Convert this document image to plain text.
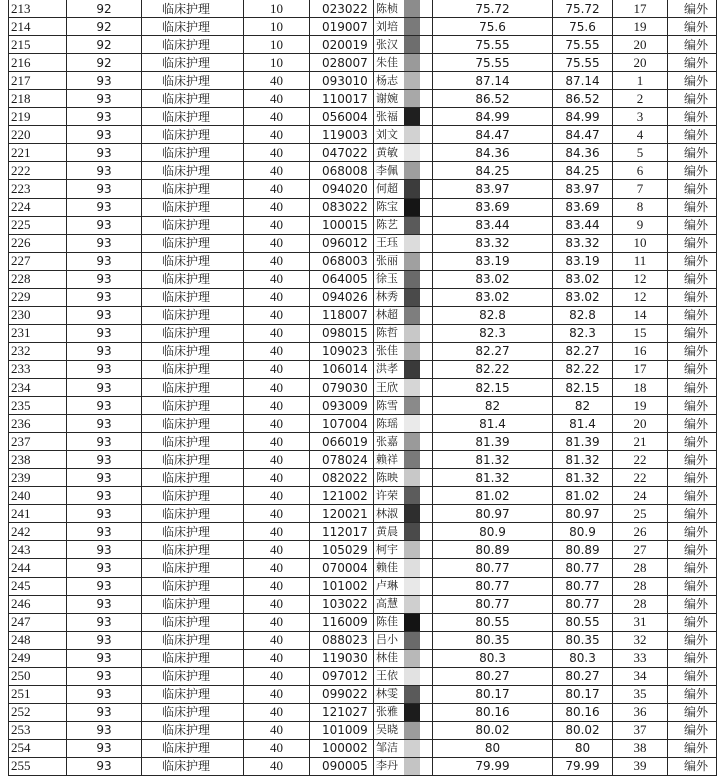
213	92	临床护理	10	023022	陈桢	75.72	75.72	17	编外
214	92	临床护理	10	019007	刘培	75.6	75.6	19	编外
215	92	临床护理	10	020019	张汉	75.55	75.55	20	编外
216	92	临床护理	10	028007	朱佳	75.55	75.55	20	编外
217	93	临床护理	40	093010	杨志	87.14	87.14	1	编外
218	93	临床护理	40	110017	谢婉	86.52	86.52	2	编外
219	93	临床护理	40	056004	张福	84.99	84.99	3	编外
220	93	临床护理	40	119003	刘文	84.47	84.47	4	编外
221	93	临床护理	40	047022	黄敏	84.36	84.36	5	编外
222	93	临床护理	40	068008	李佩	84.25	84.25	6	编外
223	93	临床护理	40	094020	何超	83.97	83.97	7	编外
224	93	临床护理	40	083022	陈宝	83.69	83.69	8	编外
225	93	临床护理	40	100015	陈艺	83.44	83.44	9	编外
226	93	临床护理	40	096012	王珏	83.32	83.32	10	编外
227	93	临床护理	40	068003	张丽	83.19	83.19	11	编外
228	93	临床护理	40	064005	徐玉	83.02	83.02	12	编外
229	93	临床护理	40	094026	林秀	83.02	83.02	12	编外
230	93	临床护理	40	118007	林超	82.8	82.8	14	编外
231	93	临床护理	40	098015	陈哲	82.3	82.3	15	编外
232	93	临床护理	40	109023	张佳	82.27	82.27	16	编外
233	93	临床护理	40	106014	洪孝	82.22	82.22	17	编外
234	93	临床护理	40	079030	王欣	82.15	82.15	18	编外
235	93	临床护理	40	093009	陈雪	82	82	19	编外
236	93	临床护理	40	107004	陈瑶	81.4	81.4	20	编外
237	93	临床护理	40	066019	张嘉	81.39	81.39	21	编外
238	93	临床护理	40	078024	赖祥	81.32	81.32	22	编外
239	93	临床护理	40	082022	陈映	81.32	81.32	22	编外
240	93	临床护理	40	121002	许荣	81.02	81.02	24	编外
241	93	临床护理	40	120021	林淑	80.97	80.97	25	编外
242	93	临床护理	40	112017	黄晨	80.9	80.9	26	编外
243	93	临床护理	40	105029	柯宇	80.89	80.89	27	编外
244	93	临床护理	40	070004	赖佳	80.77	80.77	28	编外
245	93	临床护理	40	101002	卢琳	80.77	80.77	28	编外
246	93	临床护理	40	103022	高慧	80.77	80.77	28	编外
247	93	临床护理	40	116009	陈佳	80.55	80.55	31	编外
248	93	临床护理	40	088023	吕小	80.35	80.35	32	编外
249	93	临床护理	40	119030	林佳	80.3	80.3	33	编外
250	93	临床护理	40	097012	王依	80.27	80.27	34	编外
251	93	临床护理	40	099022	林雯	80.17	80.17	35	编外
252	93	临床护理	40	121027	张雅	80.16	80.16	36	编外
253	93	临床护理	40	101009	吴晓	80.02	80.02	37	编外
254	93	临床护理	40	100002	邹洁	80	80	38	编外
255	93	临床护理	40	090005	李丹	79.99	79.99	39	编外
